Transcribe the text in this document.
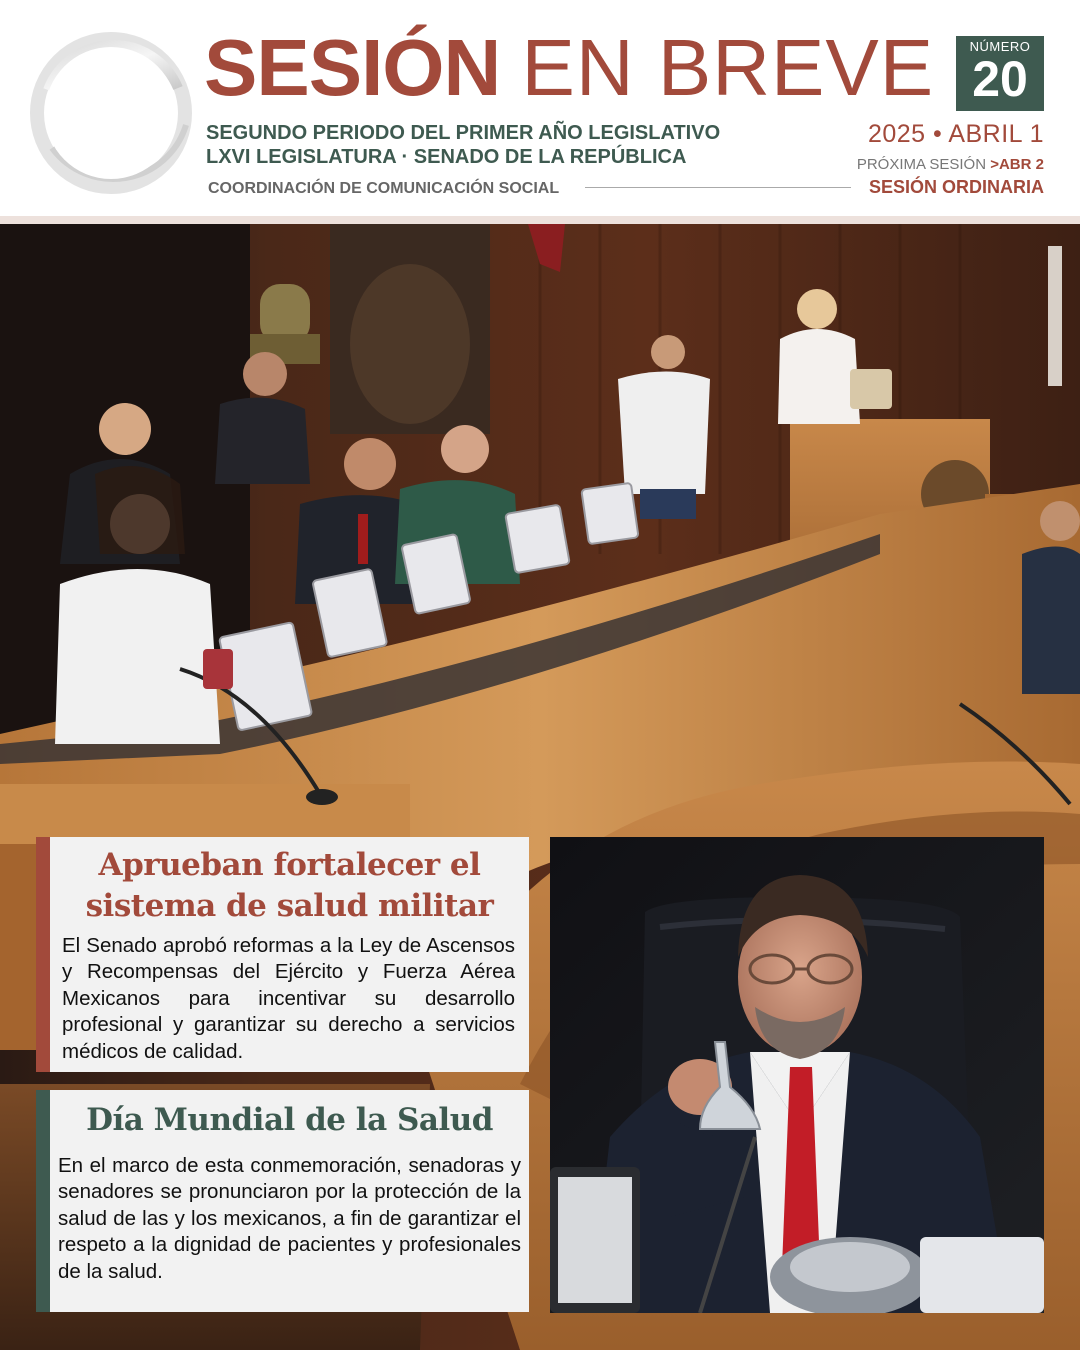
SESIÓN EN BREVE	NÚMERO
20
SEGUNDO PERIODO DEL PRIMER AÑO LEGISLATIVO
LXVI LEGISLATURA · SENADO DE LA REPÚBLICA
2025 • ABRIL 1
PRÓXIMA SESIÓN >ABR 2
COORDINACIÓN DE COMUNICACIÓN SOCIAL	SESIÓN ORDINARIA
Aprueban fortalecer el
sistema de salud militar
El Senado aprobó reformas a la Ley de Ascensos y Recompensas del Ejército y Fuerza Aérea Mexicanos para incentivar su desarrollo profesional y garantizar su derecho a servicios médicos de calidad.
Día Mundial de la Salud
En el marco de esta conmemoración, senadoras y senadores se pronunciaron por la protección de la salud de las y los mexicanos, a fin de garantizar el respeto a la dignidad de pacientes y profesionales de la salud.
